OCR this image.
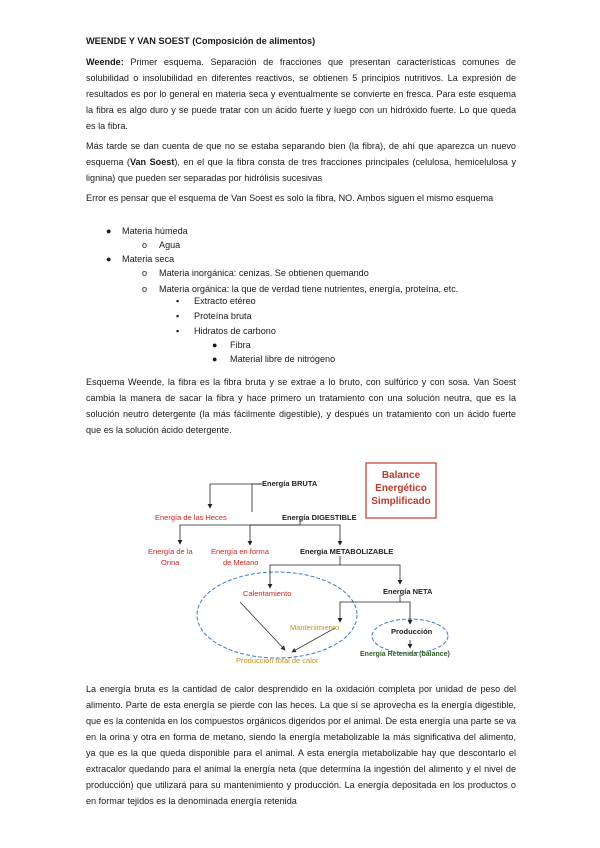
WEENDE Y VAN SOEST (Composición de alimentos)

Weende: Primer esquema. Separación de fracciones que presentan características comunes de solubilidad o insolubilidad en diferentes reactivos, se obtienen 5 principios nutritivos. La expresión de resultados es por lo general en materia seca y eventualmente se convierte en fresca. Para este esquema la fibra es algo duro y se puede tratar con un ácido fuerte y luego con un hidróxido fuerte. Lo que queda es la fibra.

Más tarde se dan cuenta de que no se estaba separando bien (la fibra), de ahí que aparezca un nuevo esquema (Van Soest), en el que la fibra consta de tres fracciones principales (celulosa, hemicelulosa y lignina) que pueden ser separadas por hidrólisis sucesivas

Error es pensar que el esquema de Van Soest es solo la fibra, NO. Ambos siguen el mismo esquema

● Materia húmeda
o Agua
● Materia seca
o Materia inorgánica: cenizas. Se obtienen quemando
o Materia orgánica: la que de verdad tiene nutrientes, energía, proteína, etc.
▪ Extracto etéreo
▪ Proteína bruta
▪ Hidratos de carbono
● Fibra
● Material libre de nitrógeno

Esquema Weende, la fibra es la fibra bruta y se extrae a lo bruto, con sulfúrico y con sosa. Van Soest cambia la manera de sacar la fibra y hace primero un tratamiento con una solución neutra, que es la solución neutro detergente (la más fácilmente digestible), y después un tratamiento con un ácido fuerte que es la solución ácido detergente.

Balance
Energético
Simplificado
Energía BRUTA
Energía de las Heces	Energía DIGESTIBLE
Energía de la
Orina
Energía en forma
de Metano
Energía METABOLIZABLE
Calentamiento	Energía NETA
Mantenimiento	Producción
Energía Retenida (balance)
Producción total de calor

La energía bruta es la cantidad de calor desprendido en la oxidación completa por unidad de peso del alimento. Parte de esta energía se pierde con las heces. La que sí se aprovecha es la energía digestible, que es la contenida en los compuestos orgánicos digeridos por el animal. De esta energía una parte se va en la orina y otra en forma de metano, siendo la energía metabolizable la más significativa del alimento, ya que es la que queda disponible para el animal. A esta energía metabolizable hay que descontarlo el extracalor quedando para el animal la energía neta (que determina la ingestión del alimento y el nivel de producción) que utilizará para su mantenimiento y producción. La energía depositada en los productos o en formar tejidos es la denominada energía retenida
